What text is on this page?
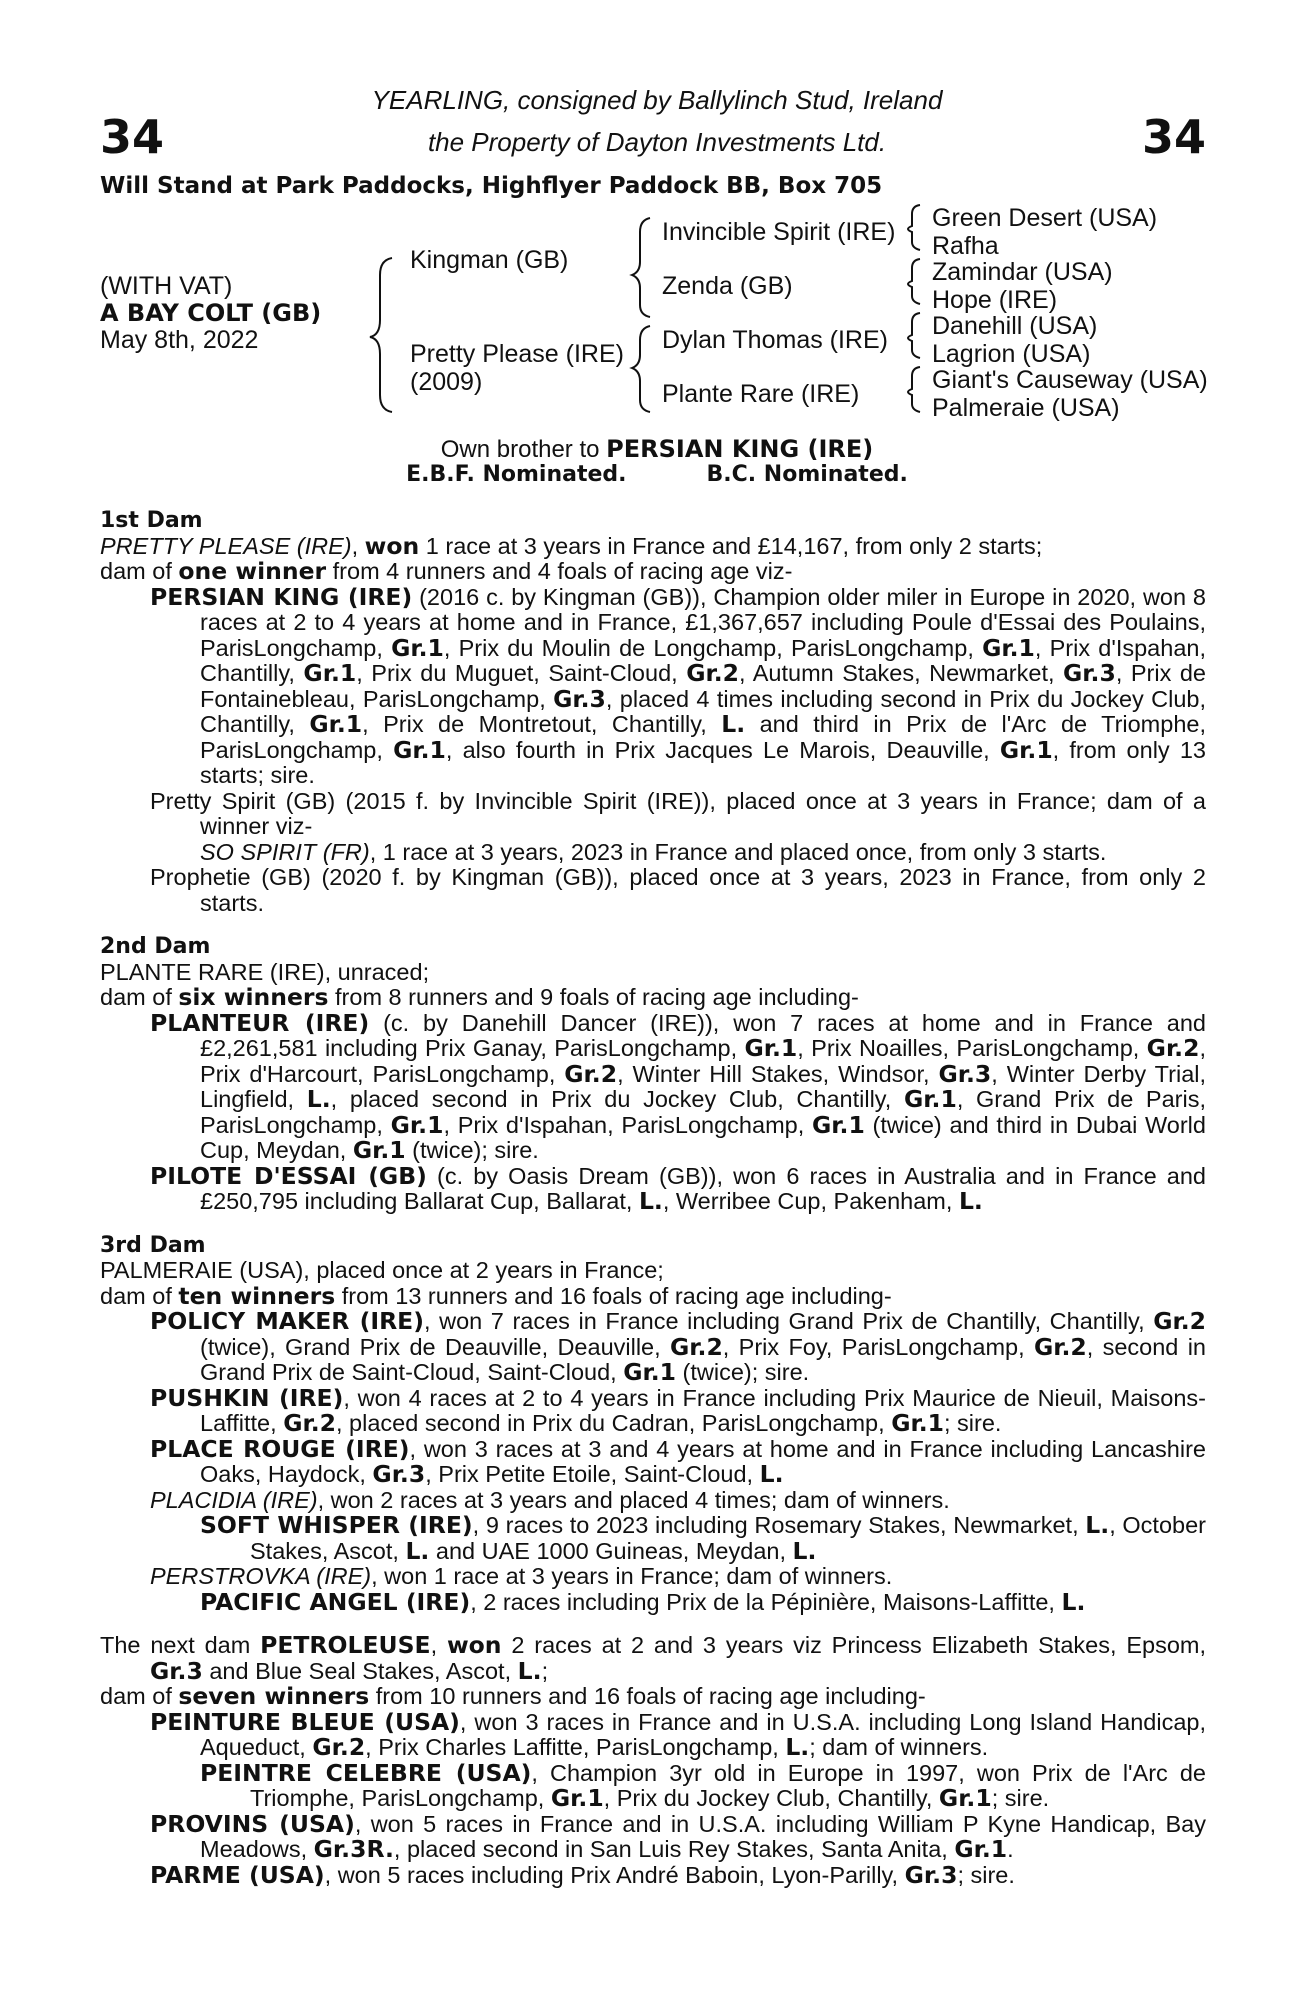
34	34
YEARLING, consigned by Ballylinch Stud, Ireland
the Property of Dayton Investments Ltd.
Will Stand at Park Paddocks, Highflyer Paddock BB, Box 705
(WITH VAT)
A BAY COLT (GB)
May 8th, 2022
Kingman (GB)
Pretty Please (IRE)
(2009)
Invincible Spirit (IRE)
Zenda (GB)
Dylan Thomas (IRE)
Plante Rare (IRE)
Green Desert (USA)
Rafha
Zamindar (USA)
Hope (IRE)
Danehill (USA)
Lagrion (USA)
Giant's Causeway (USA)
Palmeraie (USA)
Own brother to PERSIAN KING (IRE)
E.B.F. Nominated.	B.C. Nominated.
1st Dam

PRETTY PLEASE (IRE), won 1 race at 3 years in France and £14,167, from only 2 starts;

dam of one winner from 4 runners and 4 foals of racing age viz-

PERSIAN KING (IRE) (2016 c. by Kingman (GB)), Champion older miler in Europe in 2020, won 8 races at 2 to 4 years at home and in France, £1,367,657 including Poule d'Essai des Poulains, ParisLongchamp, Gr.1, Prix du Moulin de Longchamp, ParisLongchamp, Gr.1, Prix d'Ispahan, Chantilly, Gr.1, Prix du Muguet, Saint-Cloud, Gr.2, Autumn Stakes, Newmarket, Gr.3, Prix de Fontainebleau, ParisLongchamp, Gr.3, placed 4 times including second in Prix du Jockey Club, Chantilly, Gr.1, Prix de Montretout, Chantilly, L. and third in Prix de l'Arc de Triomphe, ParisLongchamp, Gr.1, also fourth in Prix Jacques Le Marois, Deauville, Gr.1, from only 13 starts; sire.

Pretty Spirit (GB) (2015 f. by Invincible Spirit (IRE)), placed once at 3 years in France; dam of a winner viz-

SO SPIRIT (FR), 1 race at 3 years, 2023 in France and placed once, from only 3 starts.

Prophetie (GB) (2020 f. by Kingman (GB)), placed once at 3 years, 2023 in France, from only 2 starts.

2nd Dam

PLANTE RARE (IRE), unraced;

dam of six winners from 8 runners and 9 foals of racing age including-

PLANTEUR (IRE) (c. by Danehill Dancer (IRE)), won 7 races at home and in France and £2,261,581 including Prix Ganay, ParisLongchamp, Gr.1, Prix Noailles, ParisLongchamp, Gr.2, Prix d'Harcourt, ParisLongchamp, Gr.2, Winter Hill Stakes, Windsor, Gr.3, Winter Derby Trial, Lingfield, L., placed second in Prix du Jockey Club, Chantilly, Gr.1, Grand Prix de Paris, ParisLongchamp, Gr.1, Prix d'Ispahan, ParisLongchamp, Gr.1 (twice) and third in Dubai World Cup, Meydan, Gr.1 (twice); sire.

PILOTE D'ESSAI (GB) (c. by Oasis Dream (GB)), won 6 races in Australia and in France and £250,795 including Ballarat Cup, Ballarat, L., Werribee Cup, Pakenham, L.

3rd Dam

PALMERAIE (USA), placed once at 2 years in France;

dam of ten winners from 13 runners and 16 foals of racing age including-

POLICY MAKER (IRE), won 7 races in France including Grand Prix de Chantilly, Chantilly, Gr.2 (twice), Grand Prix de Deauville, Deauville, Gr.2, Prix Foy, ParisLongchamp, Gr.2, second in Grand Prix de Saint-Cloud, Saint-Cloud, Gr.1 (twice); sire.

PUSHKIN (IRE), won 4 races at 2 to 4 years in France including Prix Maurice de Nieuil, Maisons-Laffitte, Gr.2, placed second in Prix du Cadran, ParisLongchamp, Gr.1; sire.

PLACE ROUGE (IRE), won 3 races at 3 and 4 years at home and in France including Lancashire Oaks, Haydock, Gr.3, Prix Petite Etoile, Saint-Cloud, L.

PLACIDIA (IRE), won 2 races at 3 years and placed 4 times; dam of winners.

SOFT WHISPER (IRE), 9 races to 2023 including Rosemary Stakes, Newmarket, L., October Stakes, Ascot, L. and UAE 1000 Guineas, Meydan, L.

PERSTROVKA (IRE), won 1 race at 3 years in France; dam of winners.

PACIFIC ANGEL (IRE), 2 races including Prix de la Pépinière, Maisons-Laffitte, L.

The next dam PETROLEUSE, won 2 races at 2 and 3 years viz Princess Elizabeth Stakes, Epsom, Gr.3 and Blue Seal Stakes, Ascot, L.;

dam of seven winners from 10 runners and 16 foals of racing age including-

PEINTURE BLEUE (USA), won 3 races in France and in U.S.A. including Long Island Handicap, Aqueduct, Gr.2, Prix Charles Laffitte, ParisLongchamp, L.; dam of winners.

PEINTRE CELEBRE (USA), Champion 3yr old in Europe in 1997, won Prix de l'Arc de Triomphe, ParisLongchamp, Gr.1, Prix du Jockey Club, Chantilly, Gr.1; sire.

PROVINS (USA), won 5 races in France and in U.S.A. including William P Kyne Handicap, Bay Meadows, Gr.3R., placed second in San Luis Rey Stakes, Santa Anita, Gr.1.

PARME (USA), won 5 races including Prix André Baboin, Lyon-Parilly, Gr.3; sire.
